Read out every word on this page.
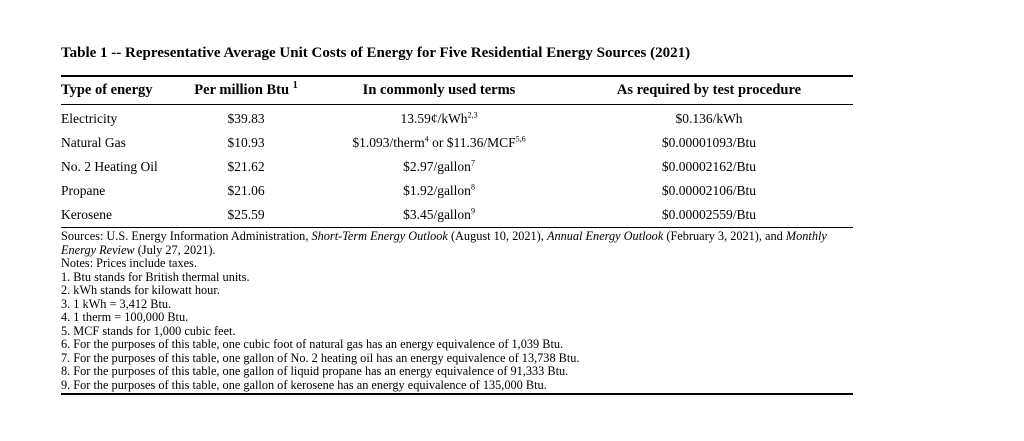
Table 1 -- Representative Average Unit Costs of Energy for Five Residential Energy Sources (2021)
Type of energy	Per million Btu $^1$	In commonly used terms	As required by test procedure
Electricity	$39.83	13.59¢/kWh$^{2,3}$	$0.136/kWh
Natural Gas	$10.93	$1.093/therm$^4$ or $11.36/MCF$^{5,6}$	$0.00001093/Btu
No. 2 Heating Oil	$21.62	$2.97/gallon$^7$	$0.00002162/Btu
Propane	$21.06	$1.92/gallon$^8$	$0.00002106/Btu
Kerosene	$25.59	$3.45/gallon$^9$	$0.00002559/Btu
Sources: U.S. Energy Information Administration, Short-Term Energy Outlook (August 10, 2021), Annual Energy Outlook (February 3, 2021), and Monthly Energy Review (July 27, 2021).
Notes: Prices include taxes.
1. Btu stands for British thermal units.
2. kWh stands for kilowatt hour.
3. 1 kWh = 3,412 Btu.
4. 1 therm = 100,000 Btu.
5. MCF stands for 1,000 cubic feet.
6. For the purposes of this table, one cubic foot of natural gas has an energy equivalence of 1,039 Btu.
7. For the purposes of this table, one gallon of No. 2 heating oil has an energy equivalence of 13,738 Btu.
8. For the purposes of this table, one gallon of liquid propane has an energy equivalence of 91,333 Btu.
9. For the purposes of this table, one gallon of kerosene has an energy equivalence of 135,000 Btu.
